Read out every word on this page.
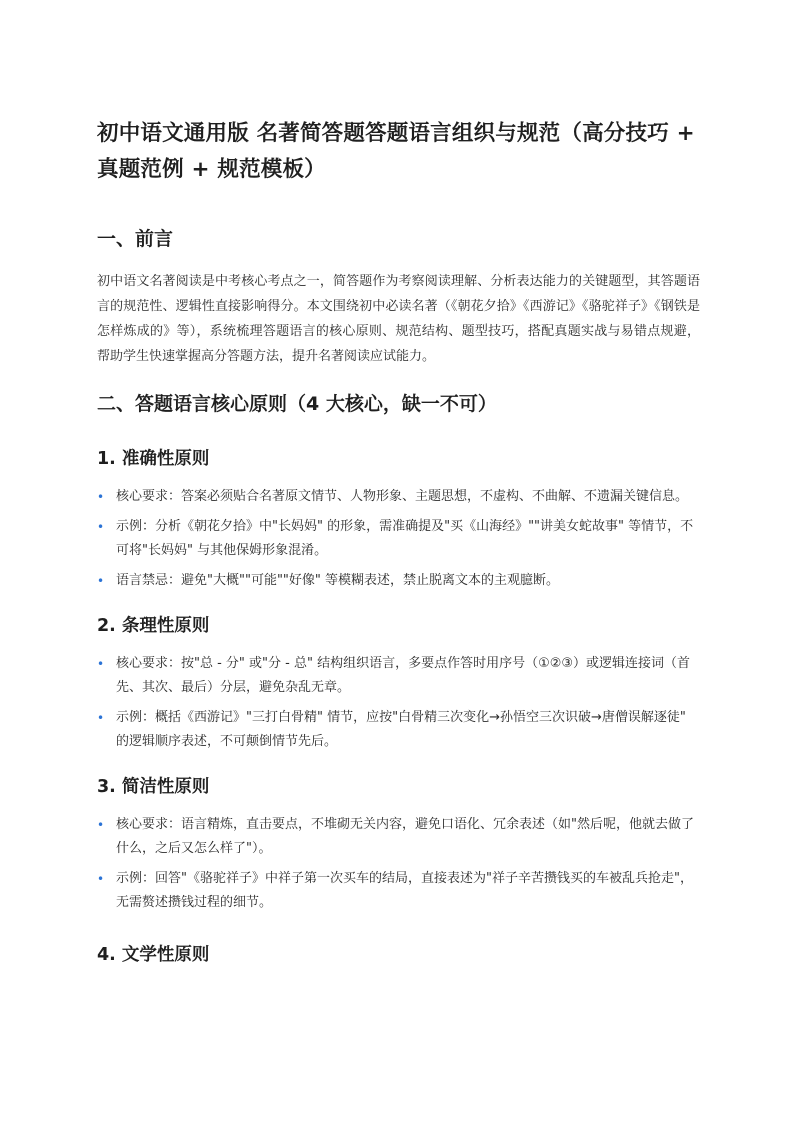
初中语文通用版 名著简答题答题语言组织与规范（高分技巧 + 真题范例 + 规范模板）
一、前言

初中语文名著阅读是中考核心考点之一，简答题作为考察阅读理解、分析表达能力的关键题型，其答题语言的规范性、逻辑性直接影响得分。本文围绕初中必读名著（《朝花夕拾》《西游记》《骆驼祥子》《钢铁是怎样炼成的》等），系统梳理答题语言的核心原则、规范结构、题型技巧，搭配真题实战与易错点规避，帮助学生快速掌握高分答题方法，提升名著阅读应试能力。

二、答题语言核心原则（4 大核心，缺一不可）
1. 准确性原则
• 核心要求：答案必须贴合名著原文情节、人物形象、主题思想，不虚构、不曲解、不遗漏关键信息。
• 示例：分析《朝花夕拾》中"长妈妈" 的形象，需准确提及"买《山海经》""讲美女蛇故事" 等情节，不可将"长妈妈" 与其他保姆形象混淆。
• 语言禁忌：避免"大概""可能""好像" 等模糊表述，禁止脱离文本的主观臆断。
2. 条理性原则
• 核心要求：按"总 - 分" 或"分 - 总" 结构组织语言，多要点作答时用序号（①②③）或逻辑连接词（首先、其次、最后）分层，避免杂乱无章。
• 示例：概括《西游记》"三打白骨精" 情节，应按"白骨精三次变化→孙悟空三次识破→唐僧误解逐徒" 的逻辑顺序表述，不可颠倒情节先后。
3. 简洁性原则
• 核心要求：语言精炼，直击要点，不堆砌无关内容，避免口语化、冗余表述（如"然后呢，他就去做了什么，之后又怎么样了"）。
• 示例：回答"《骆驼祥子》中祥子第一次买车的结局，直接表述为"祥子辛苦攒钱买的车被乱兵抢走"，无需赘述攒钱过程的细节。
4. 文学性原则
